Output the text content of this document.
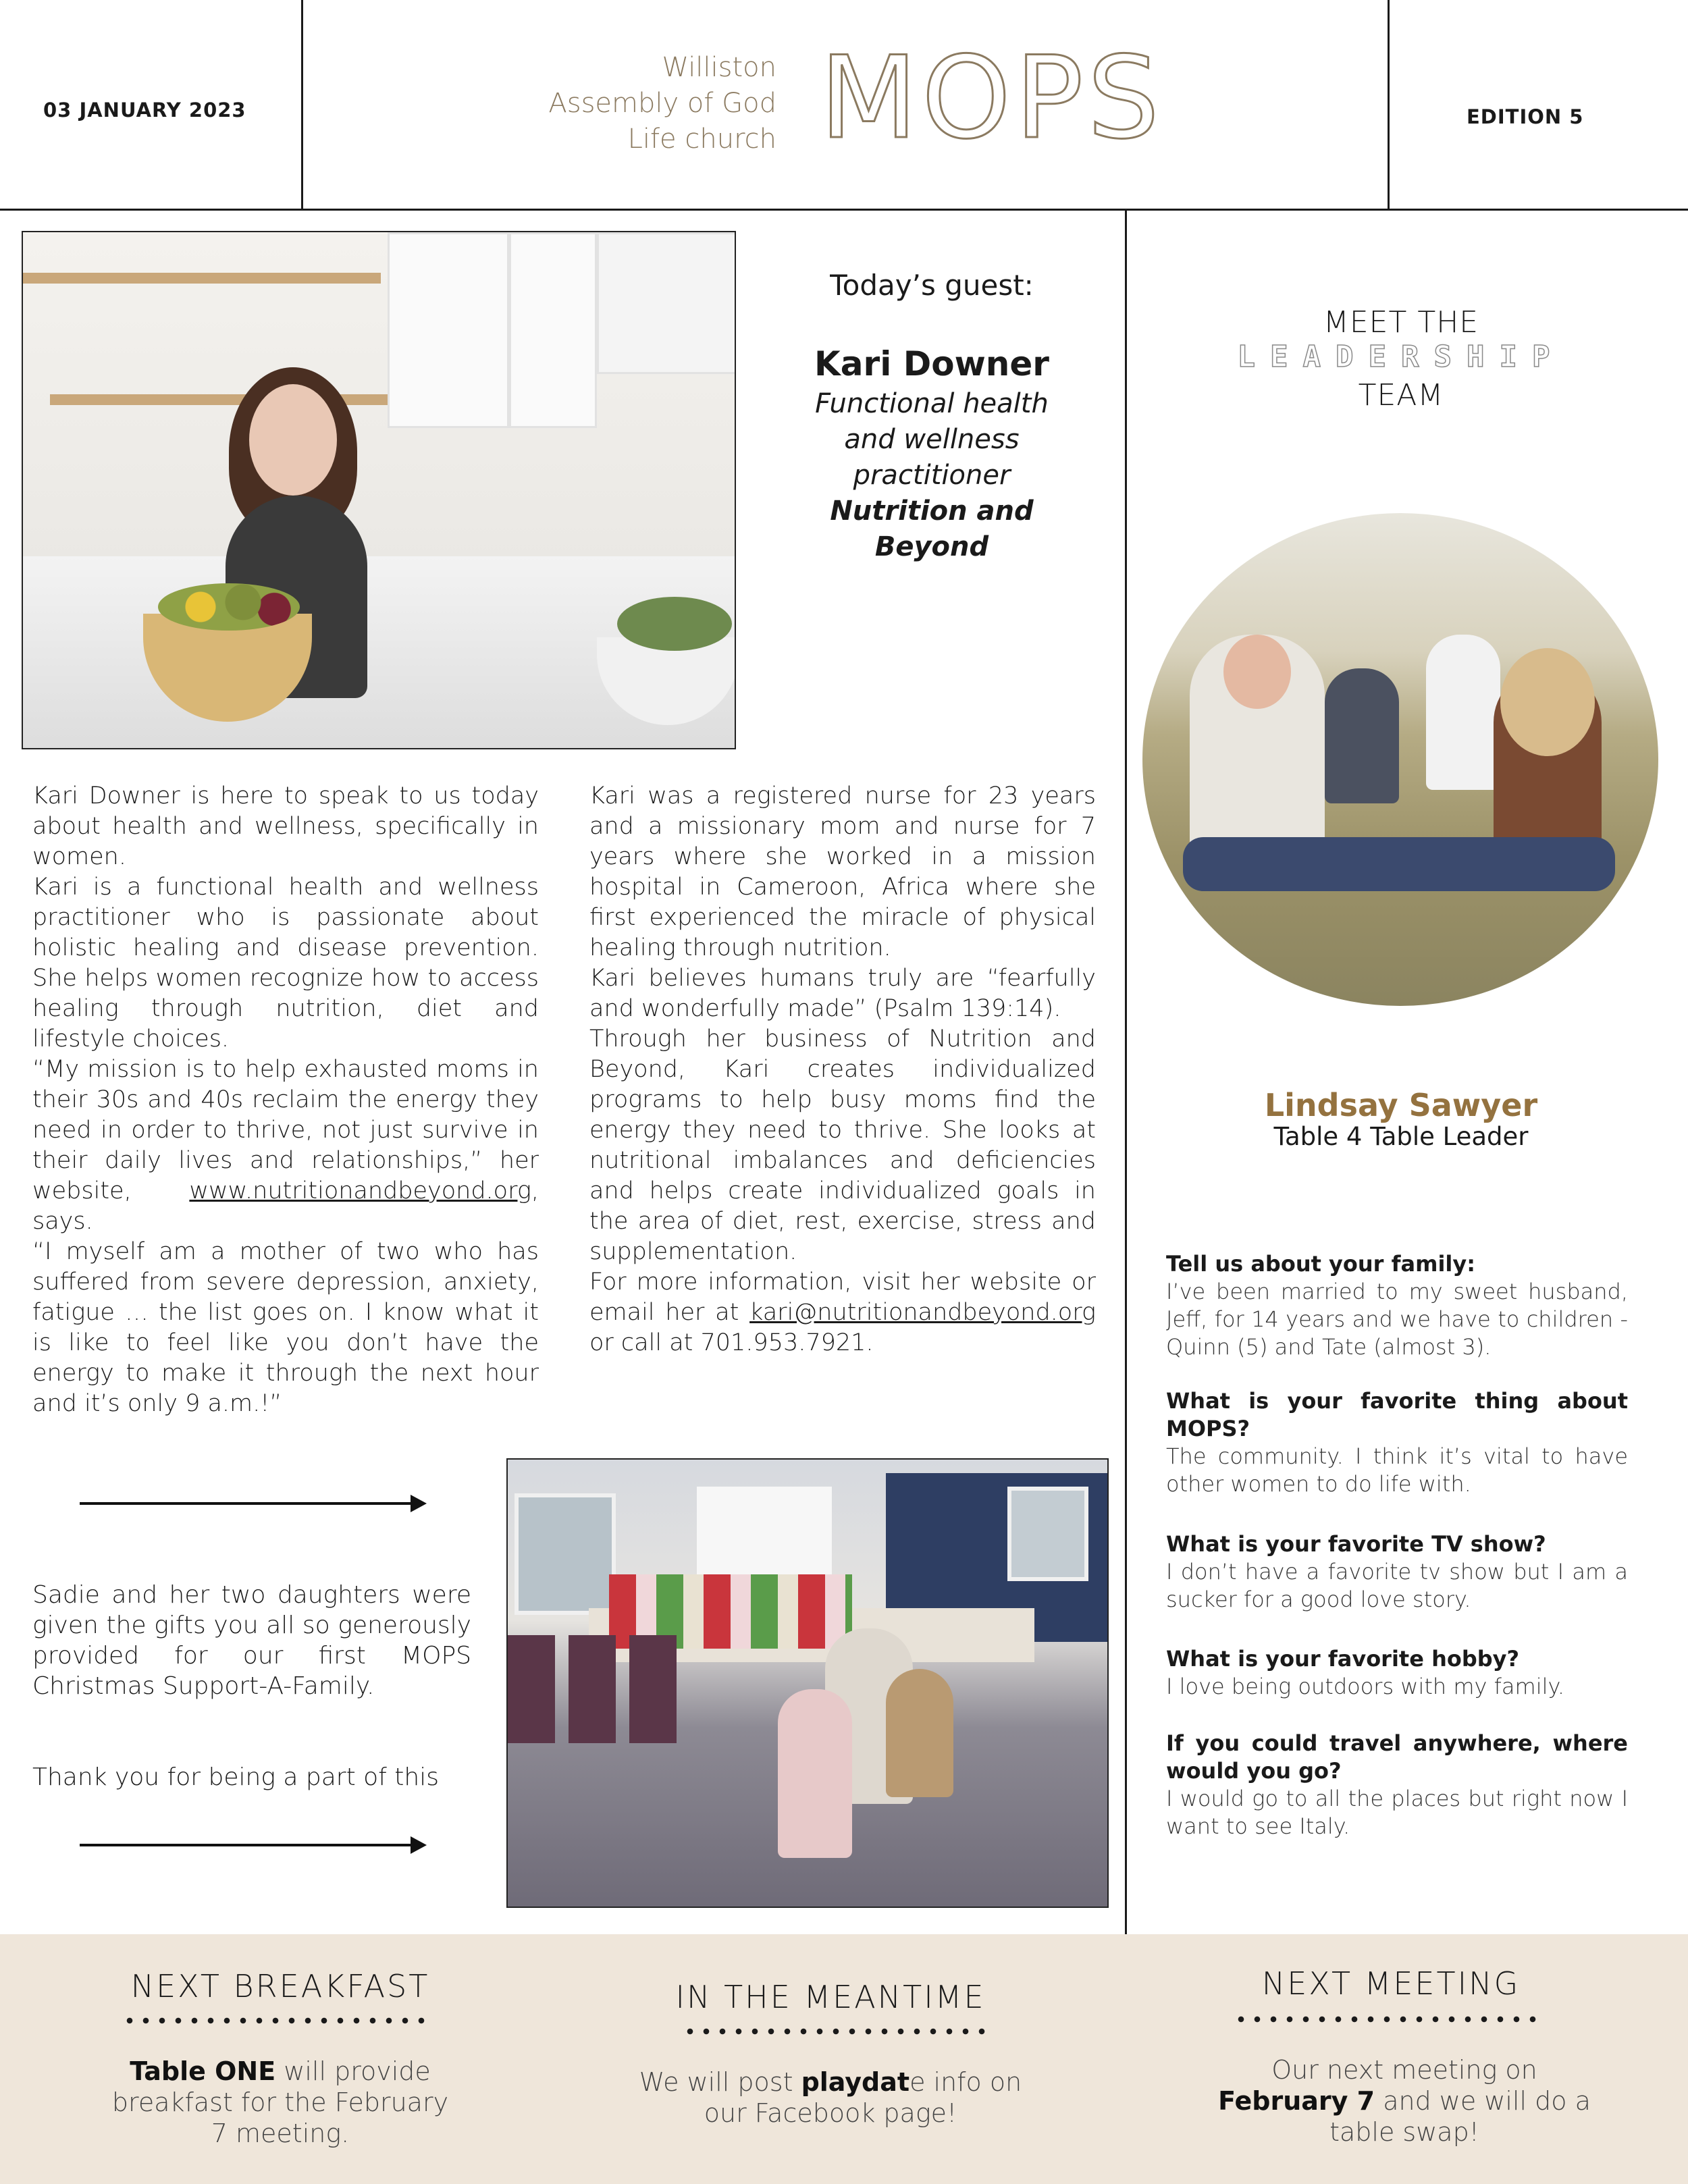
03 JANUARY 2023
Williston
Assembly of God
Life church MOPS	EDITION 5
Today’s guest:
Kari Downer
Functional health
and wellness
practitioner
Nutrition and
Beyond

Kari Downer is here to speak to us today about health and wellness, specifically in women.

Kari is a functional health and wellness practitioner who is passionate about holistic healing and disease prevention. She helps women recognize how to access healing through nutrition, diet and lifestyle choices.

“My mission is to help exhausted moms in their 30s and 40s reclaim the energy they need in order to thrive, not just survive in their daily lives and relationships,” her website, www.nutritionandbeyond.org, says.

“I myself am a mother of two who has suffered from severe depression, anxiety, fatigue … the list goes on. I know what it is like to feel like you don’t have the energy to make it through the next hour and it’s only 9 a.m.!”

Kari was a registered nurse for 23 years and a missionary mom and nurse for 7 years where she worked in a mission hospital in Cameroon, Africa where she first experienced the miracle of physical healing through nutrition.

Kari believes humans truly are “fearfully and wonderfully made” (Psalm 139:14).

Through her business of Nutrition and Beyond, Kari creates individualized programs to help busy moms find the energy they need to thrive. She looks at nutritional imbalances and deficiencies and helps create individualized goals in the area of diet, rest, exercise, stress and supplementation.

For more information, visit her website or email her at kari@nutritionandbeyond.org or call at 701.953.7921.

Sadie and her two daughters were given the gifts you all so generously provided for our first MOPS Christmas Support-A-Family.
Thank you for being a part of this
MEET THE
LEADERSHIP
TEAM
Lindsay Sawyer
Table 4 Table Leader
Tell us about your family:
I’ve been married to my sweet husband, Jeff, for 14 years and we have to children - Quinn (5) and Tate (almost 3).
What is your favorite thing about MOPS?
The community. I think it’s vital to have other women to do life with.
What is your favorite TV show?
I don’t have a favorite tv show but I am a sucker for a good love story.
What is your favorite hobby?
I love being outdoors with my family.
If you could travel anywhere, where would you go?
I would go to all the places but right now I want to see Italy.
NEXT BREAKFAST
Table ONE will provide breakfast for the February 7 meeting.
IN THE MEANTIME
We will post playdate info on our Facebook page!
NEXT MEETING
Our next meeting on February 7 and we will do a table swap!
